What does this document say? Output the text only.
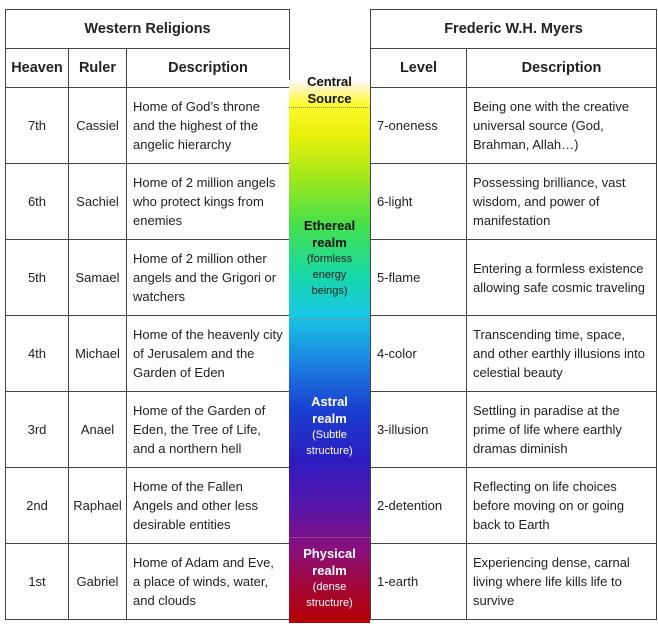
Western Religions		
Heaven	Ruler	Description
7th	Cassiel	Home of God’s throne and the highest of the angelic hierarchy
6th	Sachiel	Home of 2 million angels who protect kings from enemies
5th	Samael	Home of 2 million other angels and the Grigori or watchers
4th	Michael	Home of the heavenly city of Jerusalem and the Garden of Eden
3rd	Anael	Home of the Garden of Eden, the Tree of Life, and a northern hell
2nd	Raphael	Home of the Fallen Angels and other less desirable entities
1st	Gabriel	Home of Adam and Eve, a place of winds, water, and clouds
Central Source
Ethereal realm
(formless energy beings)
Astral realm
(Subtle structure)
Physical realm
(dense structure)
Frederic W.H. Myers	
Level	Description
7-oneness	Being one with the creative universal source (God, Brahman, Allah…)
6-light	Possessing brilliance, vast wisdom, and power of manifestation
5-flame	Entering a formless existence allowing safe cosmic traveling
4-color	Transcending time, space, and other earthly illusions into celestial beauty
3-illusion	Settling in paradise at the prime of life where earthly dramas diminish
2-detention	Reflecting on life choices before moving on or going back to Earth
1-earth	Experiencing dense, carnal living where life kills life to survive
